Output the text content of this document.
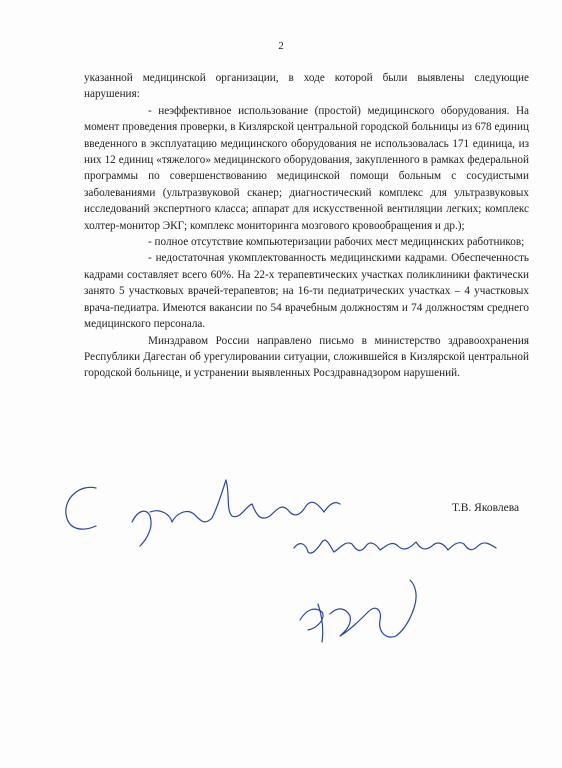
2

указанной медицинской организации, в ходе которой были выявлены следующие нарушения:

- неэффективное использование (простой) медицинского оборудования. На момент проведения проверки, в Кизлярской центральной городской больницы из 678 единиц введенного в эксплуатацию медицинского оборудования не использовалась 171 единица, из них 12 единиц «тяжелого» медицинского оборудования, закупленного в рамках федеральной программы по совершенствованию медицинской помощи больным с сосудистыми заболеваниями (ультразвуковой сканер; диагностический комплекс для ультразвуковых исследований экспертного класса; аппарат для искусственной вентиляции легких; комплекс холтер-монитор ЭКГ; комплекс мониторинга мозгового кровообращения и др.);

- полное отсутствие компьютеризации рабочих мест медицинских работников;

- недостаточная укомплектованность медицинскими кадрами. Обеспеченность кадрами составляет всего 60%. На 22-х терапевтических участках поликлиники фактически занято 5 участковых врачей-терапевтов; на 16-ти педиатрических участках – 4 участковых врача-педиатра. Имеются вакансии по 54 врачебным должностям и 74 должностям среднего медицинского персонала.

Минздравом России направлено письмо в министерство здравоохранения Республики Дагестан об урегулировании ситуации, сложившейся в Кизлярской центральной городской больнице, и устранении выявленных Росздравнадзором нарушений.

Т.В. Яковлева
